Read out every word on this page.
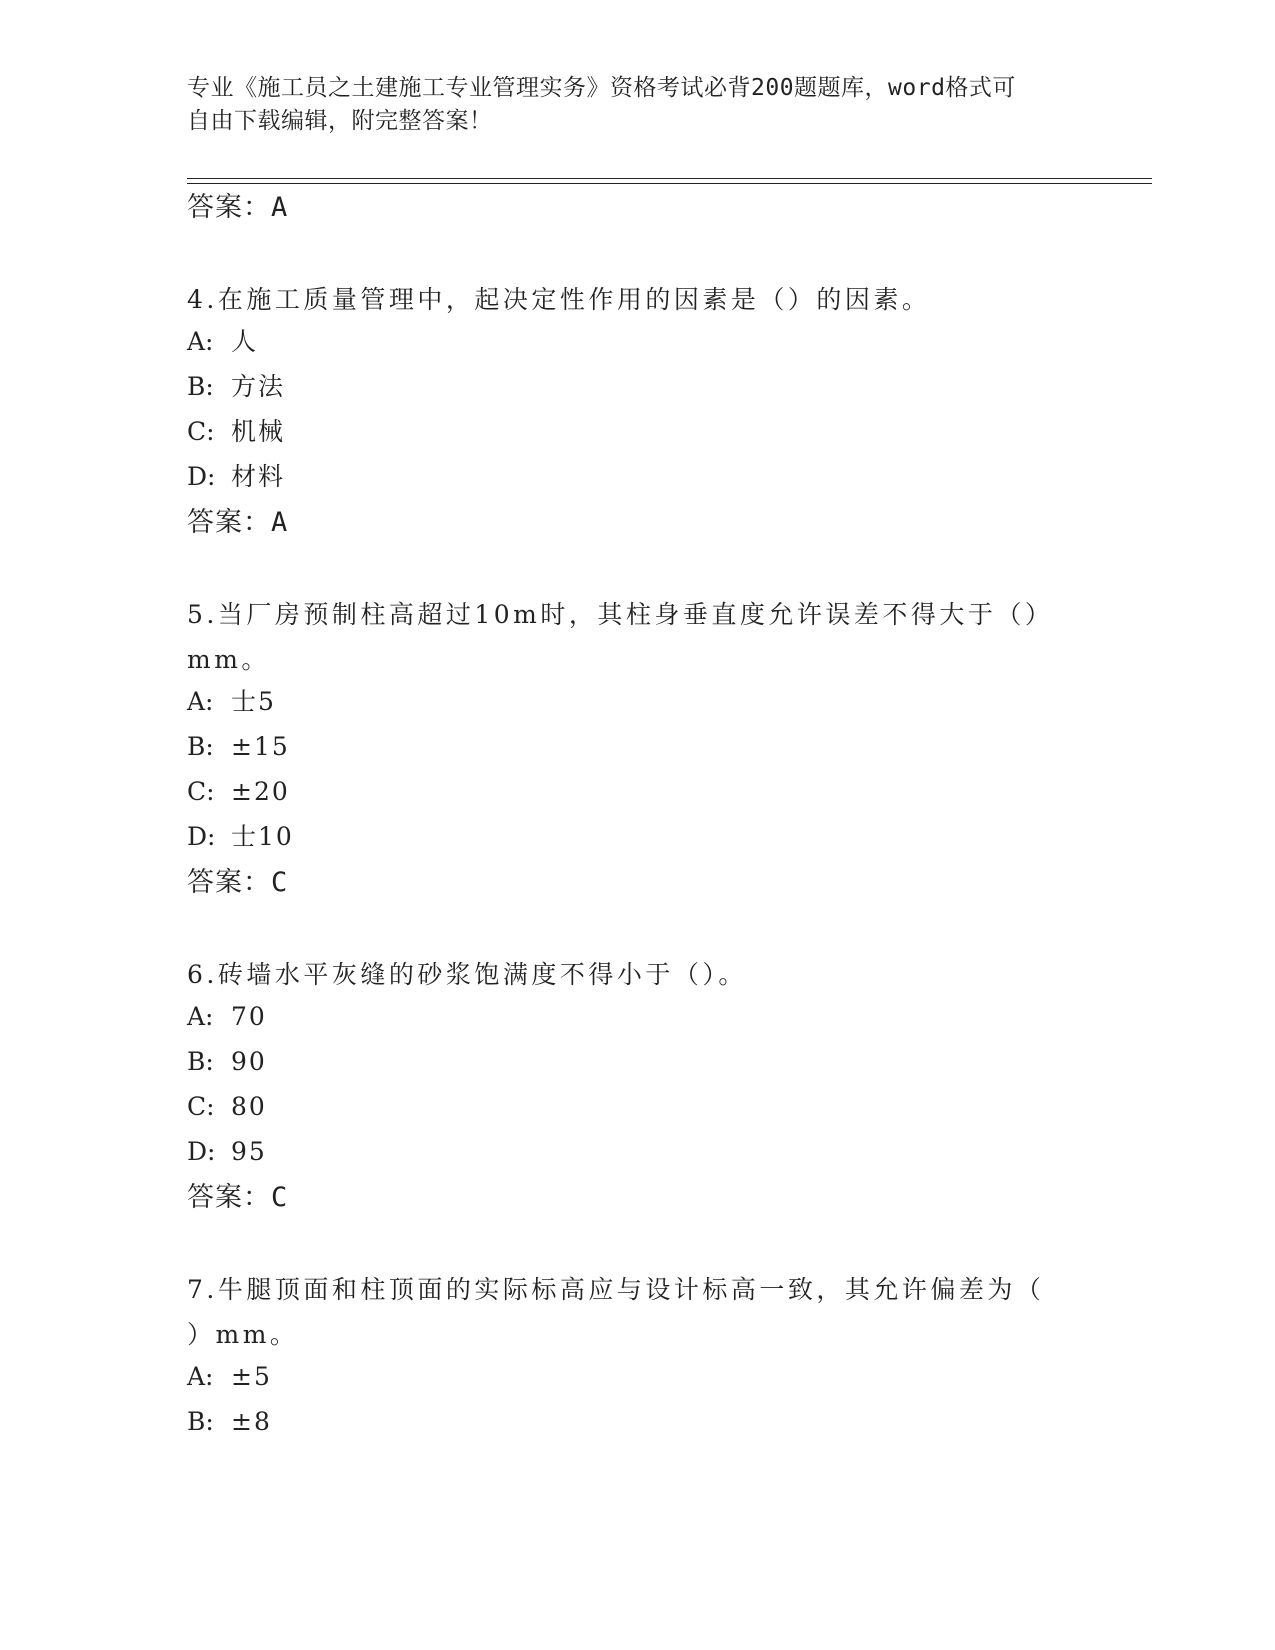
专业《施工员之土建施工专业管理实务》资格考试必背200题题库，word格式可
自由下载编辑，附完整答案！
答案：A
4.在施工质量管理中，起决定性作用的因素是（）的因素。
A: 人
B: 方法
C: 机械
D: 材料
答案：A
5.当厂房预制柱高超过10m时，其柱身垂直度允许误差不得大于（）
mm。
A: 士5
B: ±15
C: ±20
D: 士10
答案：C
6.砖墙水平灰缝的砂浆饱满度不得小于（）。
A: 70
B: 90
C: 80
D: 95
答案：C
7.牛腿顶面和柱顶面的实际标高应与设计标高一致，其允许偏差为（
）mm。
A: ±5
B: ±8
